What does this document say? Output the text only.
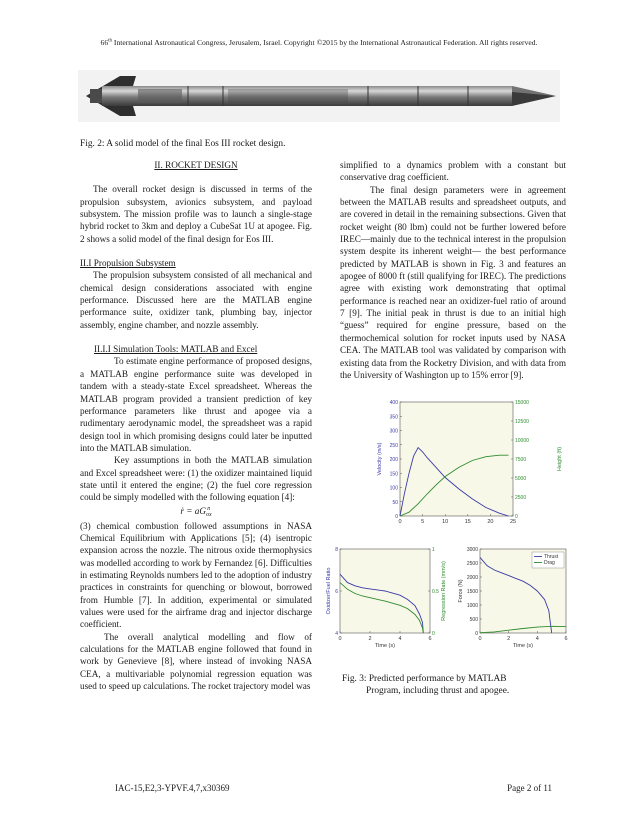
66th International Astronautical Congress, Jerusalem, Israel. Copyright ©2015 by the International Astronautical Federation. All rights reserved.
Fig. 2: A solid model of the final Eos III rocket design.
II. ROCKET DESIGN
The overall rocket design is discussed in terms of the propulsion subsystem, avionics subsystem, and payload subsystem. The mission profile was to launch a single-stage hybrid rocket to 3km and deploy a CubeSat 1U at apogee. Fig. 2 shows a solid model of the final design for Eos III.
II.I Propulsion Subsystem
The propulsion subsystem consisted of all mechanical and chemical design considerations associated with engine performance. Discussed here are the MATLAB engine performance suite, oxidizer tank, plumbing bay, injector assembly, engine chamber, and nozzle assembly.
II.I.I Simulation Tools: MATLAB and Excel
To estimate engine performance of proposed designs, a MATLAB engine performance suite was developed in tandem with a steady-state Excel spreadsheet. Whereas the MATLAB program provided a transient prediction of key performance parameters like thrust and apogee via a rudimentary aerodynamic model, the spreadsheet was a rapid design tool in which promising designs could later be inputted into the MATLAB simulation.
Key assumptions in both the MATLAB simulation and Excel spreadsheet were: (1) the oxidizer maintained liquid state until it entered the engine; (2) the fuel core regression could be simply modelled with the following equation [4]:
ṙ = aG n
ox
(3) chemical combustion followed assumptions in NASA Chemical Equilibrium with Applications [5]; (4) isentropic expansion across the nozzle. The nitrous oxide thermophysics was modelled according to work by Fernandez [6]. Difficulties in estimating Reynolds numbers led to the adoption of industry practices in constraints for quenching or blowout, borrowed from Humble [7]. In addition, experimental or simulated values were used for the airframe drag and injector discharge coefficient.
The overall analytical modelling and flow of calculations for the MATLAB engine followed that found in work by Genevieve [8], where instead of invoking NASA CEA, a multivariable polynomial regression equation was used to speed up calculations. The rocket trajectory model was
simplified to a dynamics problem with a constant but conservative drag coefficient.
The final design parameters were in agreement between the MATLAB results and spreadsheet outputs, and are covered in detail in the remaining subsections. Given that rocket weight (80 lbm) could not be further lowered before IREC—mainly due to the technical interest in the propulsion system despite its inherent weight— the best performance predicted by MATLAB is shown in Fig. 3 and features an apogee of 8000 ft (still qualifying for IREC). The predictions agree with existing work demonstrating that optimal performance is reached near an oxidizer-fuel ratio of around 7 [9]. The initial peak in thrust is due to an initial high “guess” required for engine pressure, based on the thermochemical solution for rocket inputs used by NASA CEA. The MATLAB tool was validated by comparison with existing data from the Rocketry Division, and with data from the University of Washington up to 15% error [9].
0	5	10	15	20	25
0
50
100
150
200
250
300
350
400
0
2500
5000
7500
10000
12500
15000
Velocity (m/s)	Height (ft)
0	2	4	6
4
6
8
0
0.5
1
Oxidizer/Fuel Ratio	Regression Rate (mm/s)
Time (s)
0	2	4	6
0
500
1000
1500
2000
2500
3000
Force (N)
Time (s)
Thrust
Drag
Fig. 3: Predicted performance by MATLAB
Program, including thrust and apogee.
IAC-15,E2,3-YPVF.4,7,x30369	Page 2 of 11
